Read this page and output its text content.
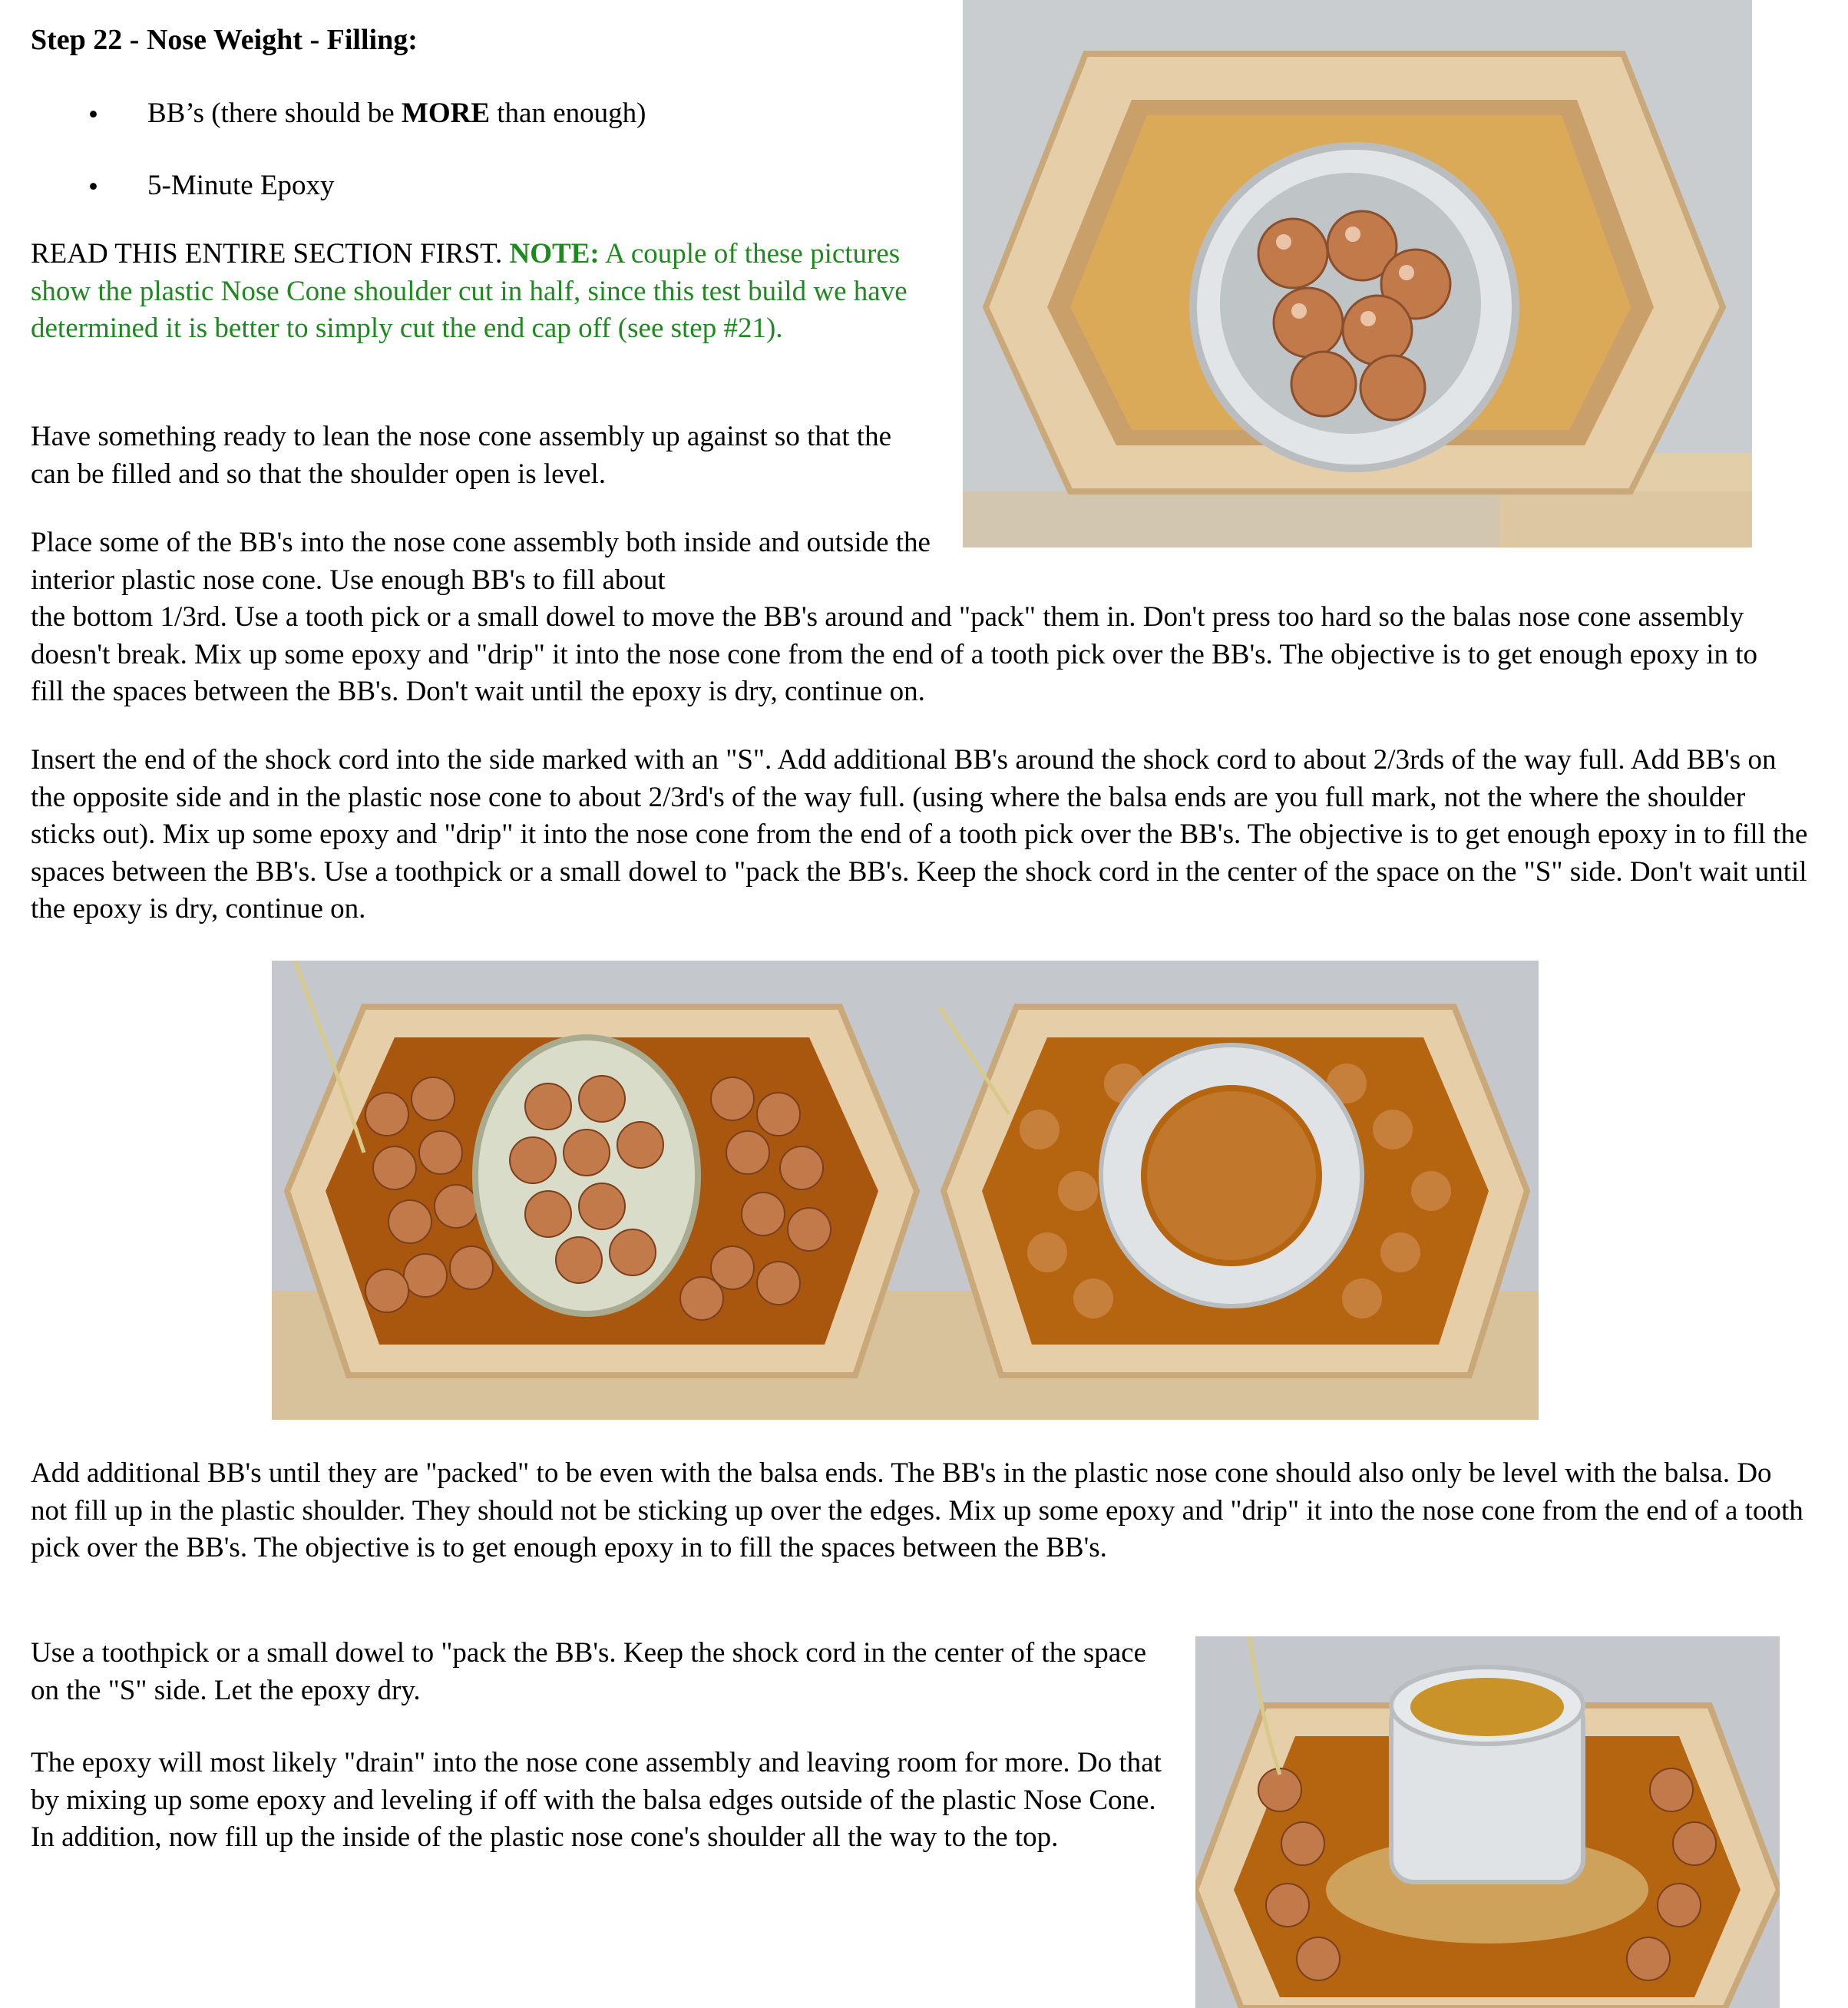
Step 22 - Nose Weight - Filling:

• BB’s (there should be MORE than enough)
• 5-Minute Epoxy

READ THIS ENTIRE SECTION FIRST. NOTE: A couple of these pictures show the plastic Nose Cone shoulder cut in half, since this test build we have determined it is better to simply cut the end cap off (see step #21).

Have something ready to lean the nose cone assembly up against so that the can be filled and so that the shoulder open is level.

Place some of the BB's into the nose cone assembly both inside and outside the interior plastic nose cone. Use enough BB's to fill about

the bottom 1/3rd. Use a tooth pick or a small dowel to move the BB's around and "pack" them in. Don't press too hard so the balas nose cone assembly doesn't break. Mix up some epoxy and "drip" it into the nose cone from the end of a tooth pick over the BB's. The objective is to get enough epoxy in to fill the spaces between the BB's. Don't wait until the epoxy is dry, continue on.

Insert the end of the shock cord into the side marked with an "S". Add additional BB's around the shock cord to about 2/3rds of the way full. Add BB's on the opposite side and in the plastic nose cone to about 2/3rd's of the way full. (using where the balsa ends are you full mark, not the where the shoulder sticks out). Mix up some epoxy and "drip" it into the nose cone from the end of a tooth pick over the BB's. The objective is to get enough epoxy in to fill the spaces between the BB's. Use a toothpick or a small dowel to "pack the BB's. Keep the shock cord in the center of the space on the "S" side. Don't wait until the epoxy is dry, continue on.

Add additional BB's until they are "packed" to be even with the balsa ends. The BB's in the plastic nose cone should also only be level with the balsa. Do not fill up in the plastic shoulder. They should not be sticking up over the edges. Mix up some epoxy and "drip" it into the nose cone from the end of a tooth pick over the BB's. The objective is to get enough epoxy in to fill the spaces between the BB's.

Use a toothpick or a small dowel to "pack the BB's. Keep the shock cord in the center of the space on the "S" side. Let the epoxy dry.

The epoxy will most likely "drain" into the nose cone assembly and leaving room for more. Do that by mixing up some epoxy and leveling if off with the balsa edges outside of the plastic Nose Cone. In addition, now fill up the inside of the plastic nose cone's shoulder all the way to the top.
